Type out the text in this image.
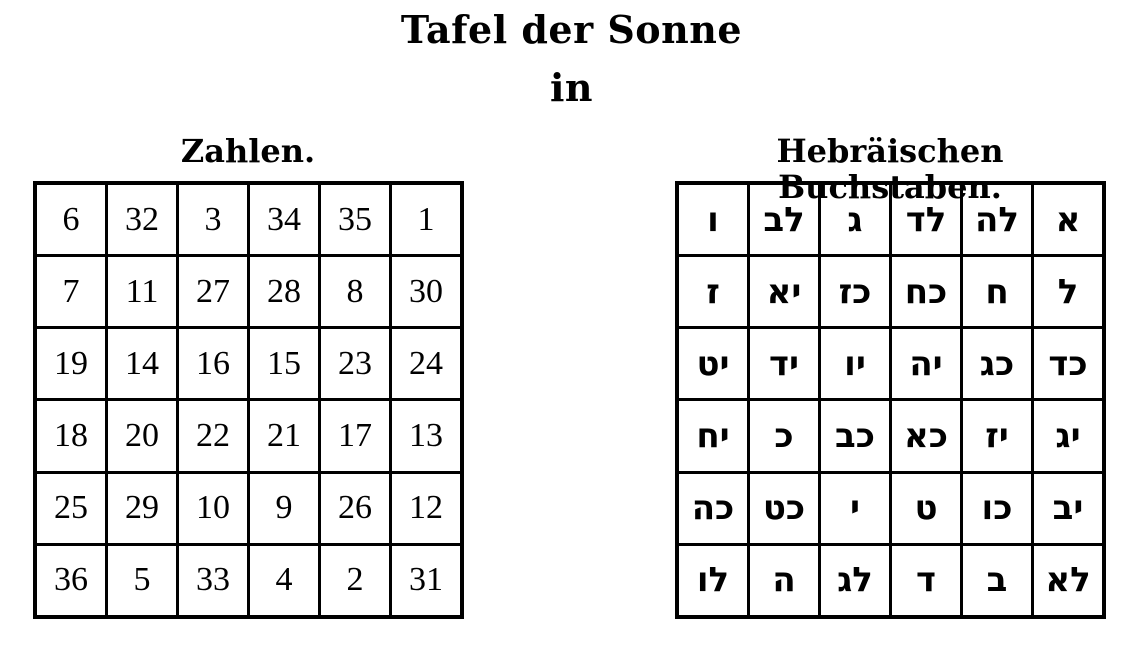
Tafel der Sonne
in
Zahlen.	Hebräischen Buchstaben.
6	32	3	34	35	1
7	11	27	28	8	30
19	14	16	15	23	24
18	20	22	21	17	13
25	29	10	9	26	12
36	5	33	4	2	31
ו	לב	ג	לד	לה	א
ז	יא	כז	כח	ח	ל
יט	יד	יו	יה	כג	כד
יח	כ	כב	כא	יז	יג
כה	כט	י	ט	כו	יב
לו	ה	לג	ד	ב	לא
